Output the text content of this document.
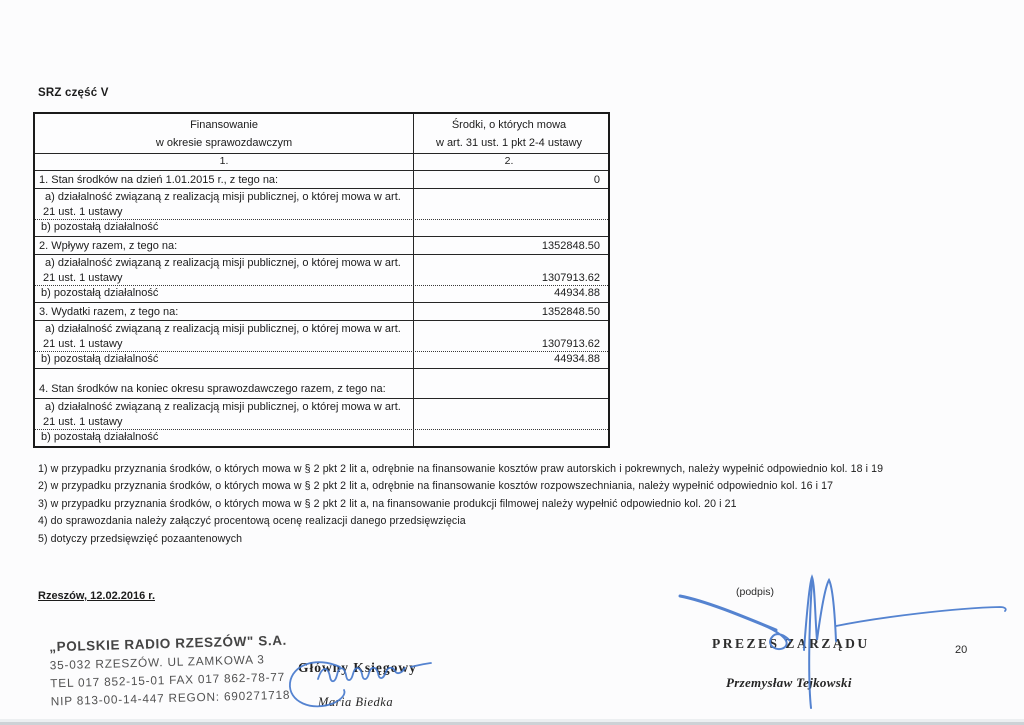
SRZ część V
Finansowanie
w okresie sprawozdawczym
Środki, o których mowa
w art. 31 ust. 1 pkt 2-4 ustawy
1.	2.
1. Stan środków na dzień 1.01.2015 r., z tego na:	0
a) działalność związaną z realizacją misji publicznej, o której mowa w art.
21 ust. 1 ustawy
b) pozostałą działalność
2. Wpływy razem, z tego na:	1352848.50
a) działalność związaną z realizacją misji publicznej, o której mowa w art.
21 ust. 1 ustawy	1307913.62
b) pozostałą działalność	44934.88
3. Wydatki razem, z tego na:	1352848.50
a) działalność związaną z realizacją misji publicznej, o której mowa w art.
21 ust. 1 ustawy	1307913.62
b) pozostałą działalność	44934.88
4. Stan środków na koniec okresu sprawozdawczego razem, z tego na:
a) działalność związaną z realizacją misji publicznej, o której mowa w art.
21 ust. 1 ustawy
b) pozostałą działalność
1) w przypadku przyznania środków, o których mowa w § 2 pkt 2 lit a, odrębnie na finansowanie kosztów praw autorskich i pokrewnych, należy wypełnić odpowiednio kol. 18 i 19
2) w przypadku przyznania środków, o których mowa w § 2 pkt 2 lit a, odrębnie na finansowanie kosztów rozpowszechniania, należy wypełnić odpowiednio kol. 16 i 17
3) w przypadku przyznania środków, o których mowa w § 2 pkt 2 lit a, na finansowanie produkcji filmowej należy wypełnić odpowiednio kol. 20 i 21
4) do sprawozdania należy załączyć procentową ocenę realizacji danego przedsięwzięcia
5) dotyczy przedsięwzięć pozaantenowych
Rzeszów, 12.02.2016 r.
„POLSKIE RADIO RZESZÓW" S.A.
35-032 RZESZÓW. UL ZAMKOWA 3
TEL 017 852-15-01 FAX 017 862-78-77
NIP 813-00-14-447 REGON: 690271718
Główny Księgowy
Maria Biedka
(podpis)
PREZES ZARZĄDU
Przemysław Tejkowski
20
